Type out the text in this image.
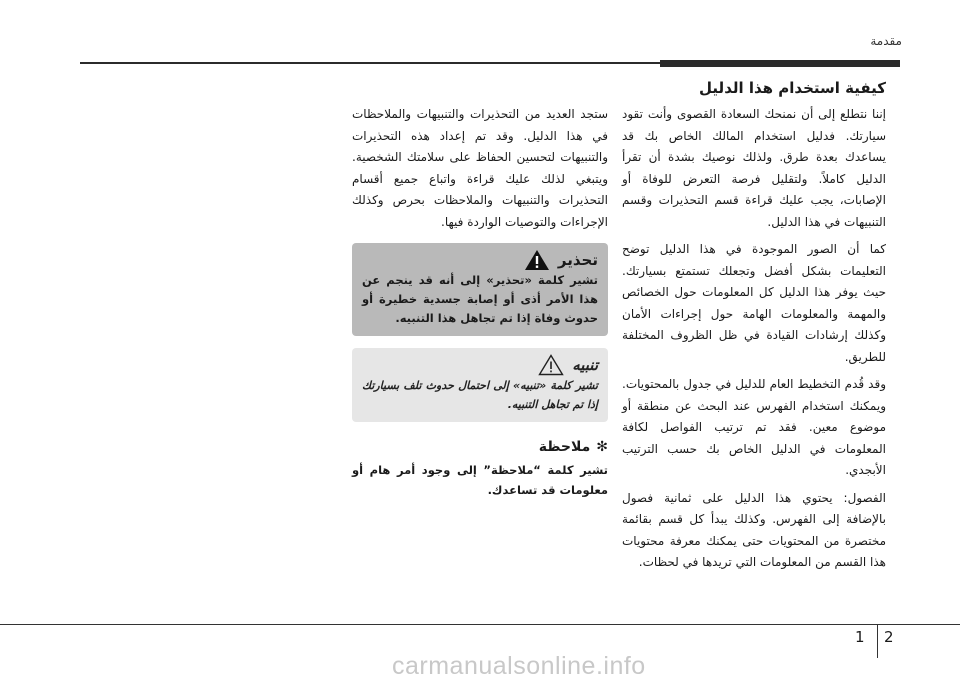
مقدمة
كيفية استخدام هذا الدليل

إننا نتطلع إلى أن نمنحك السعادة القصوى وأنت تقود سيارتك. فدليل استخدام المالك الخاص بك قد يساعدك بعدة طرق. ولذلك نوصيك بشدة أن تقرأ الدليل كاملاً. ولتقليل فرصة التعرض للوفاة أو الإصابات، يجب عليك قراءة قسم التحذيرات وقسم التنبيهات في هذا الدليل.

كما أن الصور الموجودة في هذا الدليل توضح التعليمات بشكل أفضل وتجعلك تستمتع بسيارتك. حيث يوفر هذا الدليل كل المعلومات حول الخصائص والمهمة والمعلومات الهامة حول إجراءات الأمان وكذلك إرشادات القيادة في ظل الظروف المختلفة للطريق.

وقد قُدم التخطيط العام للدليل في جدول بالمحتويات. ويمكنك استخدام الفهرس عند البحث عن منطقة أو موضوع معين. فقد تم ترتيب الفواصل لكافة المعلومات في الدليل الخاص بك حسب الترتيب الأبجدي.

الفصول: يحتوي هذا الدليل على ثمانية فصول بالإضافة إلى الفهرس. وكذلك يبدأ كل قسم بقائمة مختصرة من المحتويات حتى يمكنك معرفة محتويات هذا القسم من المعلومات التي تريدها في لحظات.

ستجد العديد من التحذيرات والتنبيهات والملاحظات في هذا الدليل. وقد تم إعداد هذه التحذيرات والتنبيهات لتحسين الحفاظ على سلامتك الشخصية. ويتبغي لذلك عليك قراءة واتباع جميع أقسام التحذيرات والتنبيهات والملاحظات بحرص وكذلك الإجراءات والتوصيات الواردة فيها.

تحذير
تشير كلمة «تحذير» إلى أنه قد ينجم عن هذا الأمر أذى أو إصابة جسدية خطيرة أو حدوث وفاة إذا تم تجاهل هذا التنبيه.
تنبيه
تشير كلمة «تنبيه» إلى احتمال حدوث تلف بسيارتك إذا تم تجاهل التنبيه.
✻
ملاحظة
تشير كلمة “ملاحظة” إلى وجود أمر هام أو معلومات قد تساعدك.
1 2
carmanualsonline.info
